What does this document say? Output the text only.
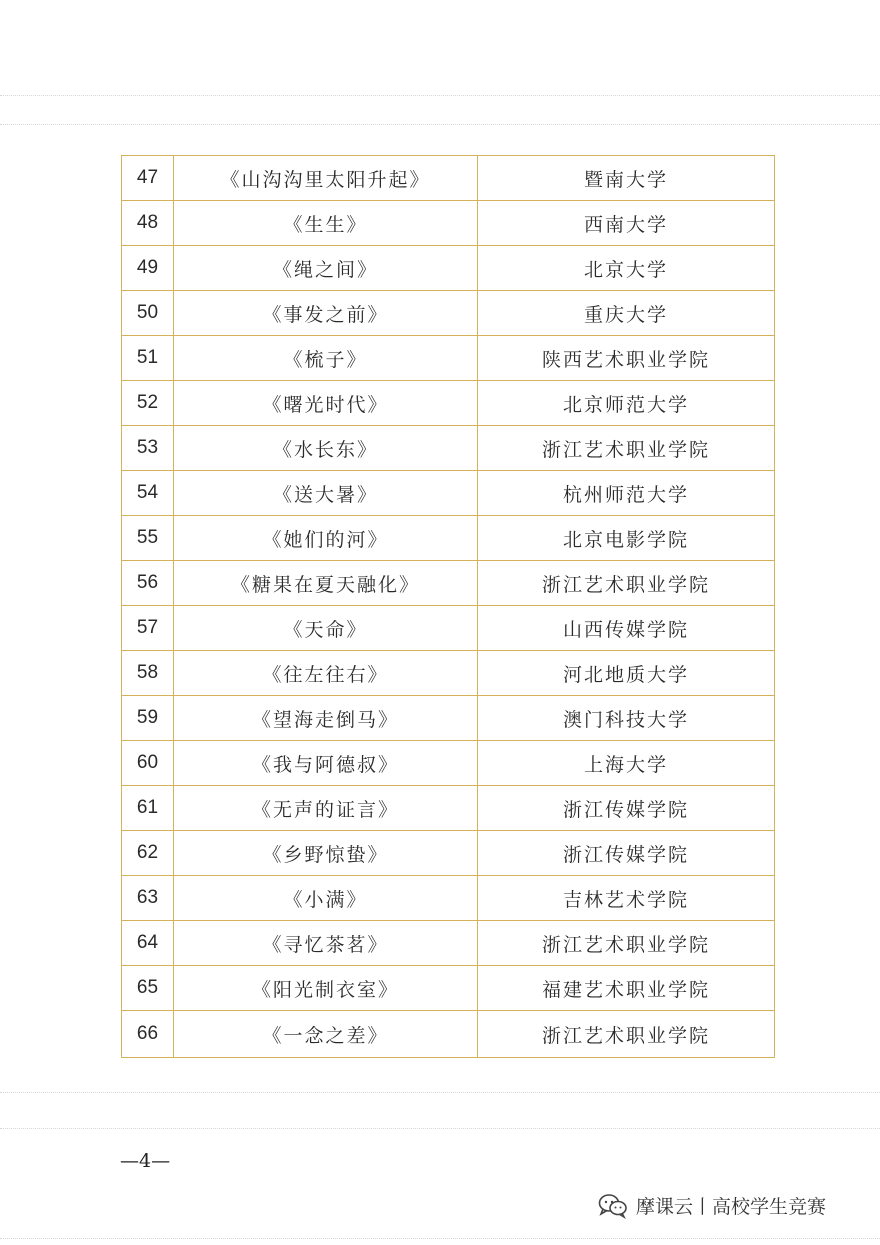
47	《山沟沟里太阳升起》	暨南大学
48	《生生》	西南大学
49	《绳之间》	北京大学
50	《事发之前》	重庆大学
51	《梳子》	陕西艺术职业学院
52	《曙光时代》	北京师范大学
53	《水长东》	浙江艺术职业学院
54	《送大暑》	杭州师范大学
55	《她们的河》	北京电影学院
56	《糖果在夏天融化》	浙江艺术职业学院
57	《天命》	山西传媒学院
58	《往左往右》	河北地质大学
59	《望海走倒马》	澳门科技大学
60	《我与阿德叔》	上海大学
61	《无声的证言》	浙江传媒学院
62	《乡野惊蛰》	浙江传媒学院
63	《小满》	吉林艺术学院
64	《寻忆茶茗》	浙江艺术职业学院
65	《阳光制衣室》	福建艺术职业学院
66	《一念之差》	浙江艺术职业学院
—4—
摩课云丨高校学生竞赛
